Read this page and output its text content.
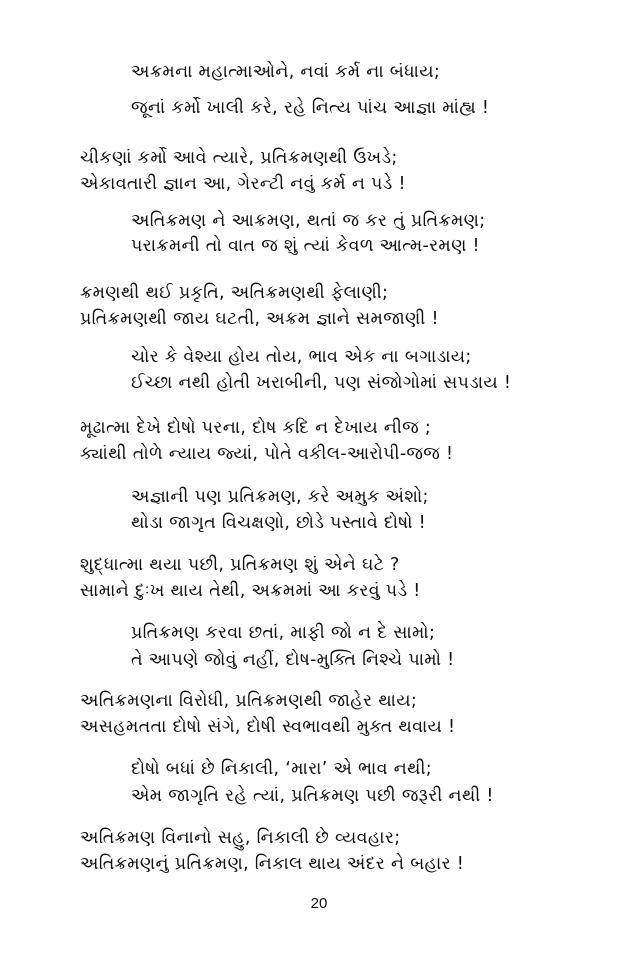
અક્રમના મહાત્માઓને, નવાં કર્મ ના બંધાય;
જૂનાં કર્મો ખાલી કરે, રહે નિત્ય પાંચ આજ્ઞા માંહ્ય !
ચીકણાં કર્મો આવે ત્યારે, પ્રતિક્રમણથી ઉખડે;
એકાવતારી જ્ઞાન આ, ગેરન્ટી નવું કર્મ ન પડે !
અતિક્રમણ ને આક્રમણ, થતાં જ કર તું પ્રતિક્રમણ;
પરાક્રમની તો વાત જ શું ત્યાં કેવળ આત્મ-રમણ !
ક્રમણથી થઈ પ્રકૃતિ, અતિક્રમણથી ફેલાણી;
પ્રતિક્રમણથી જાય ઘટતી, અક્રમ જ્ઞાને સમજાણી !
ચોર કે વેશ્યા હોય તોય, ભાવ એક ના બગાડાય;
ઈચ્છા નથી હોતી ખરાબીની, પણ સંજોગોમાં સપડાય !
મૂઢાત્મા દેખે દોષો પરના, દોષ કદિ ન દેખાય નીજ ;
ક્યાંથી તોળે ન્યાય જ્યાં, પોતે વકીલ-આરોપી-જજ !
અજ્ઞાની પણ પ્રતિક્રમણ, કરે અમુક અંશો;
થોડા જાગૃત વિચક્ષણો, છોડે પસ્તાવે દોષો !
શુદ્ધાત્મા થયા પછી, પ્રતિક્રમણ શું એને ઘટે ?
સામાને દુઃખ થાય તેથી, અક્રમમાં આ કરવું પડે !
પ્રતિક્રમણ કરવા છતાં, માફી જો ન દે સામો;
તે આપણે જોવું નહીં, દોષ-મુક્તિ નિશ્ચે પામો !
અતિક્રમણના વિરોધી, પ્રતિક્રમણથી જાહેર થાય;
અસહમતતા દોષો સંગે, દોષી સ્વભાવથી મુક્ત થવાય !
દોષો બધાં છે નિકાલી, ‘મારા’ એ ભાવ નથી;
એમ જાગૃતિ રહે ત્યાં, પ્રતિક્રમણ પછી જરૂરી નથી !
અતિક્રમણ વિનાનો સહુ, નિકાલી છે વ્યવહાર;
અતિક્રમણનું પ્રતિક્રમણ, નિકાલ થાય અંદર ને બહાર !
20
